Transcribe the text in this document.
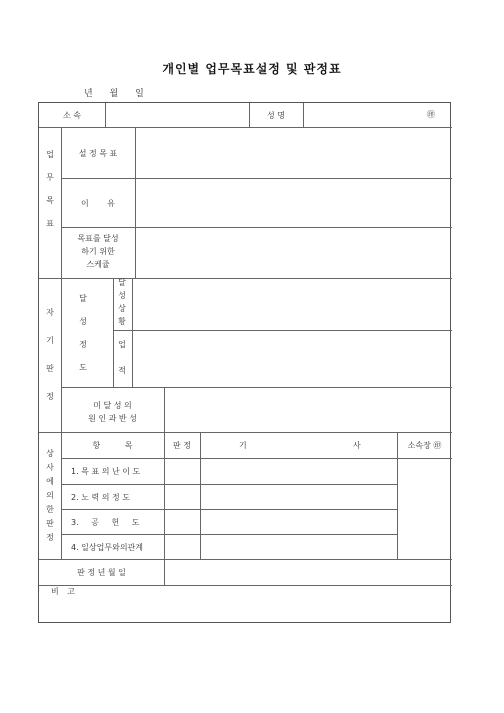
개인별 업무목표설정 및 판정표
년 월 일
소 속	성 명	㊞
업
무
목
표
설 정 목 표
이 유
목표를 달성
하기 위한
스케쥴
자
기
판
정
달
성
정
도
달
성
상
황
업
적
미 달 성 의
원 인 과 반 성
상
사
에
의
한
판
정
항 목	판 정	기	사	소속장 ㊞
1. 목 표 의 난 이 도
2. 노 력 의 정 도
3. 공 헌 도
4. 일상업무와의관계
판 정 년 월 일
비 고
